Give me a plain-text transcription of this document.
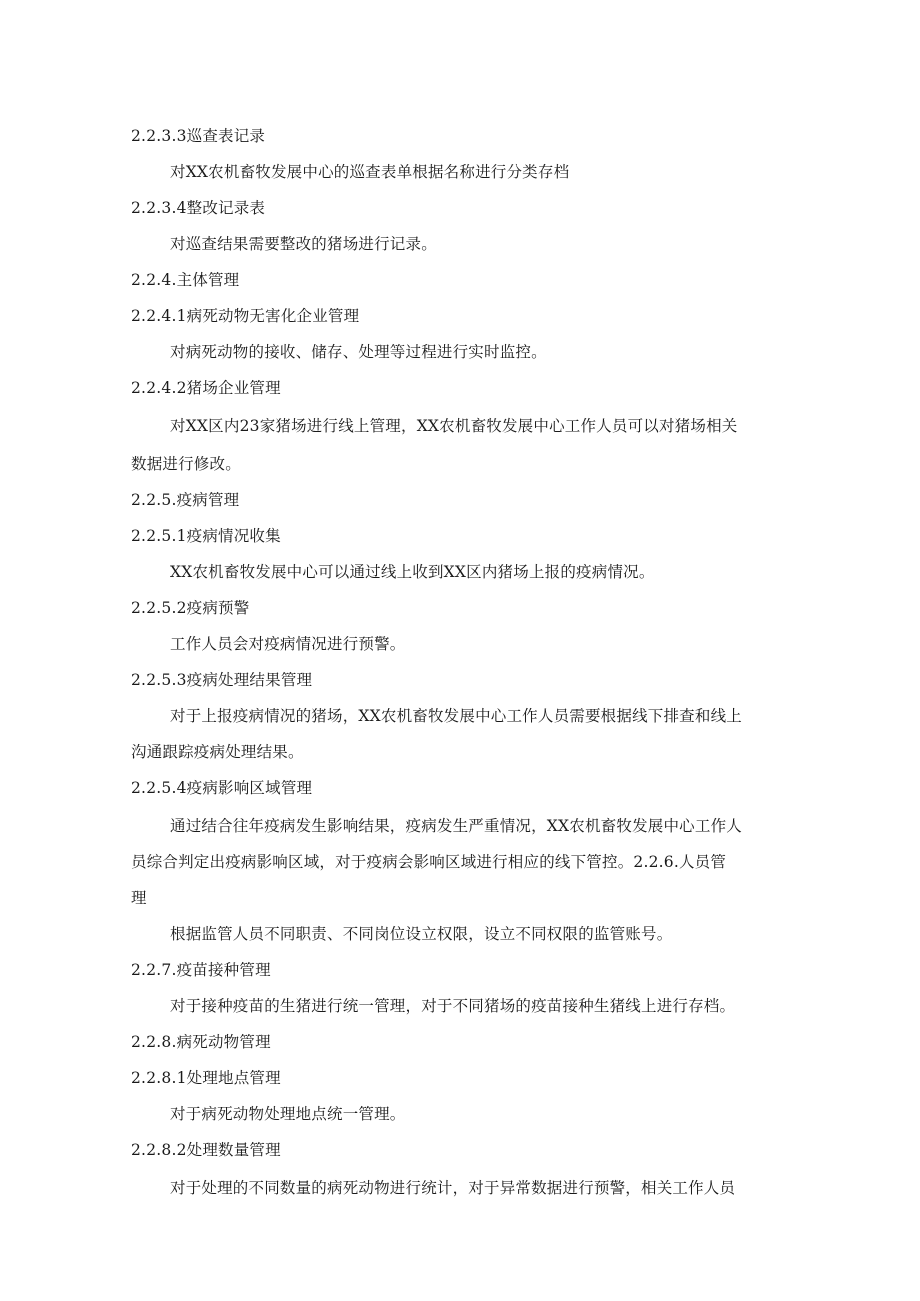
2.2.3.3巡查表记录
对XX农机畜牧发展中心的巡查表单根据名称进行分类存档
2.2.3.4整改记录表
对巡查结果需要整改的猪场进行记录。
2.2.4.主体管理
2.2.4.1病死动物无害化企业管理
对病死动物的接收、储存、处理等过程进行实时监控。
2.2.4.2猪场企业管理
对XX区内23家猪场进行线上管理，XX农机畜牧发展中心工作人员可以对猪场相关
数据进行修改。
2.2.5.疫病管理
2.2.5.1疫病情况收集
XX农机畜牧发展中心可以通过线上收到XX区内猪场上报的疫病情况。
2.2.5.2疫病预警
工作人员会对疫病情况进行预警。
2.2.5.3疫病处理结果管理
对于上报疫病情况的猪场，XX农机畜牧发展中心工作人员需要根据线下排查和线上
沟通跟踪疫病处理结果。
2.2.5.4疫病影响区域管理
通过结合往年疫病发生影响结果，疫病发生严重情况，XX农机畜牧发展中心工作人
员综合判定出疫病影响区域，对于疫病会影响区域进行相应的线下管控。2.2.6.人员管
理
根据监管人员不同职责、不同岗位设立权限，设立不同权限的监管账号。
2.2.7.疫苗接种管理
对于接种疫苗的生猪进行统一管理，对于不同猪场的疫苗接种生猪线上进行存档。
2.2.8.病死动物管理
2.2.8.1处理地点管理
对于病死动物处理地点统一管理。
2.2.8.2处理数量管理
对于处理的不同数量的病死动物进行统计，对于异常数据进行预警，相关工作人员
